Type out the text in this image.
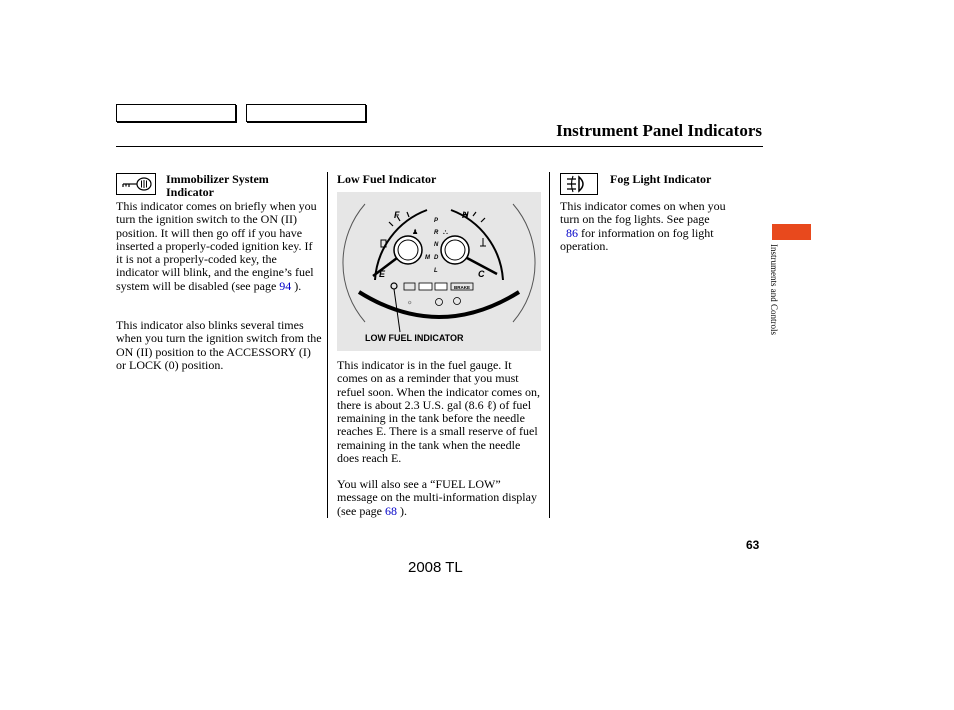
Instrument Panel Indicators
Immobilizer System Indicator
This indicator comes on briefly when you turn the ignition switch to the ON (II) position. It will then go off if you have inserted a properly-coded ignition key. If it is not a properly-coded key, the indicator will blink, and the engine’s fuel system will be disabled (see page 94 ).
This indicator also blinks several times when you turn the ignition switch from the ON (II) position to the ACCESSORY (I) or LOCK (0) position.
Low Fuel Indicator
F
E
H
C
P
R
N
D
M
L
♟	⛬
BRAKE
☼
LOW FUEL INDICATOR
This indicator is in the fuel gauge. It comes on as a reminder that you must refuel soon. When the indicator comes on, there is about 2.3 U.S. gal (8.6 ℓ) of fuel remaining in the tank before the needle reaches E. There is a small reserve of fuel remaining in the tank when the needle does reach E.
You will also see a “FUEL LOW” message on the multi-information display (see page 68 ).
Fog Light Indicator
This indicator comes on when you turn on the fog lights. See page
86 for information on fog light operation.	Instruments and Controls
63
2008 TL
